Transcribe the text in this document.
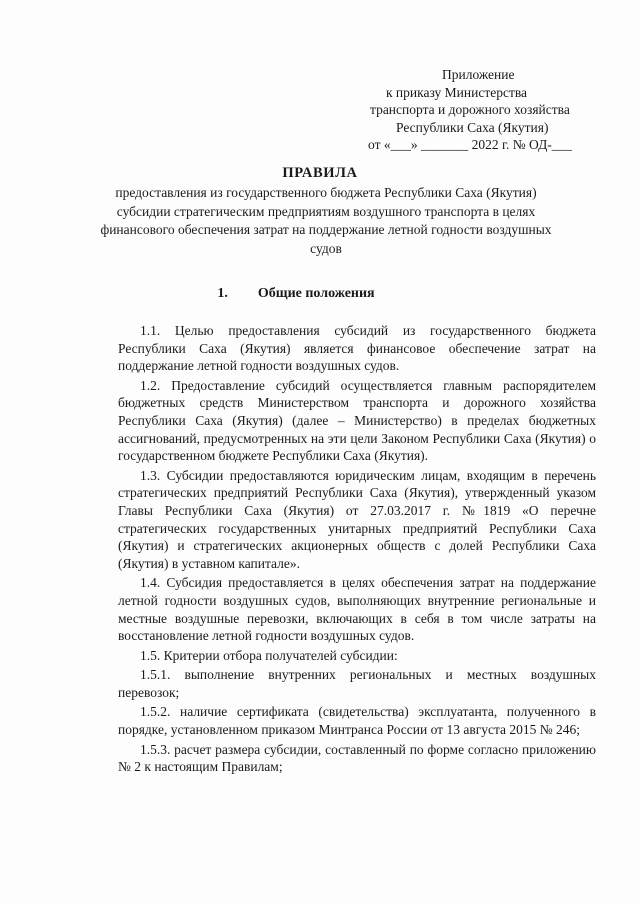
Приложение
к приказу Министерства
транспорта и дорожного хозяйства
Республики Саха (Якутия)
от «___» _______ 2022 г. № ОД-___
ПРАВИЛА
предоставления из государственного бюджета Республики Саха (Якутия) субсидии стратегическим предприятиям воздушного транспорта в целях финансового обеспечения затрат на поддержание летной годности воздушных судов
1. Общие положения

1.1. Целью предоставления субсидий из государственного бюджета Республики Саха (Якутия) является финансовое обеспечение затрат на поддержание летной годности воздушных судов.

1.2. Предоставление субсидий осуществляется главным распорядителем бюджетных средств Министерством транспорта и дорожного хозяйства Республики Саха (Якутия) (далее – Министерство) в пределах бюджетных ассигнований, предусмотренных на эти цели Законом Республики Саха (Якутия) о государственном бюджете Республики Саха (Якутия).

1.3. Субсидии предоставляются юридическим лицам, входящим в перечень стратегических предприятий Республики Саха (Якутия), утвержденный указом Главы Республики Саха (Якутия) от 27.03.2017 г. №1819 «О перечне стратегических государственных унитарных предприятий Республики Саха (Якутия) и стратегических акционерных обществ с долей Республики Саха (Якутия) в уставном капитале».

1.4. Субсидия предоставляется в целях обеспечения затрат на поддержание летной годности воздушных судов, выполняющих внутренние региональные и местные воздушные перевозки, включающих в себя в том числе затраты на восстановление летной годности воздушных судов.

1.5. Критерии отбора получателей субсидии:

1.5.1. выполнение внутренних региональных и местных воздушных перевозок;

1.5.2. наличие сертификата (свидетельства) эксплуатанта, полученного в порядке, установленном приказом Минтранса России от 13 августа 2015 № 246;

1.5.3. расчет размера субсидии, составленный по форме согласно приложению № 2 к настоящим Правилам;
